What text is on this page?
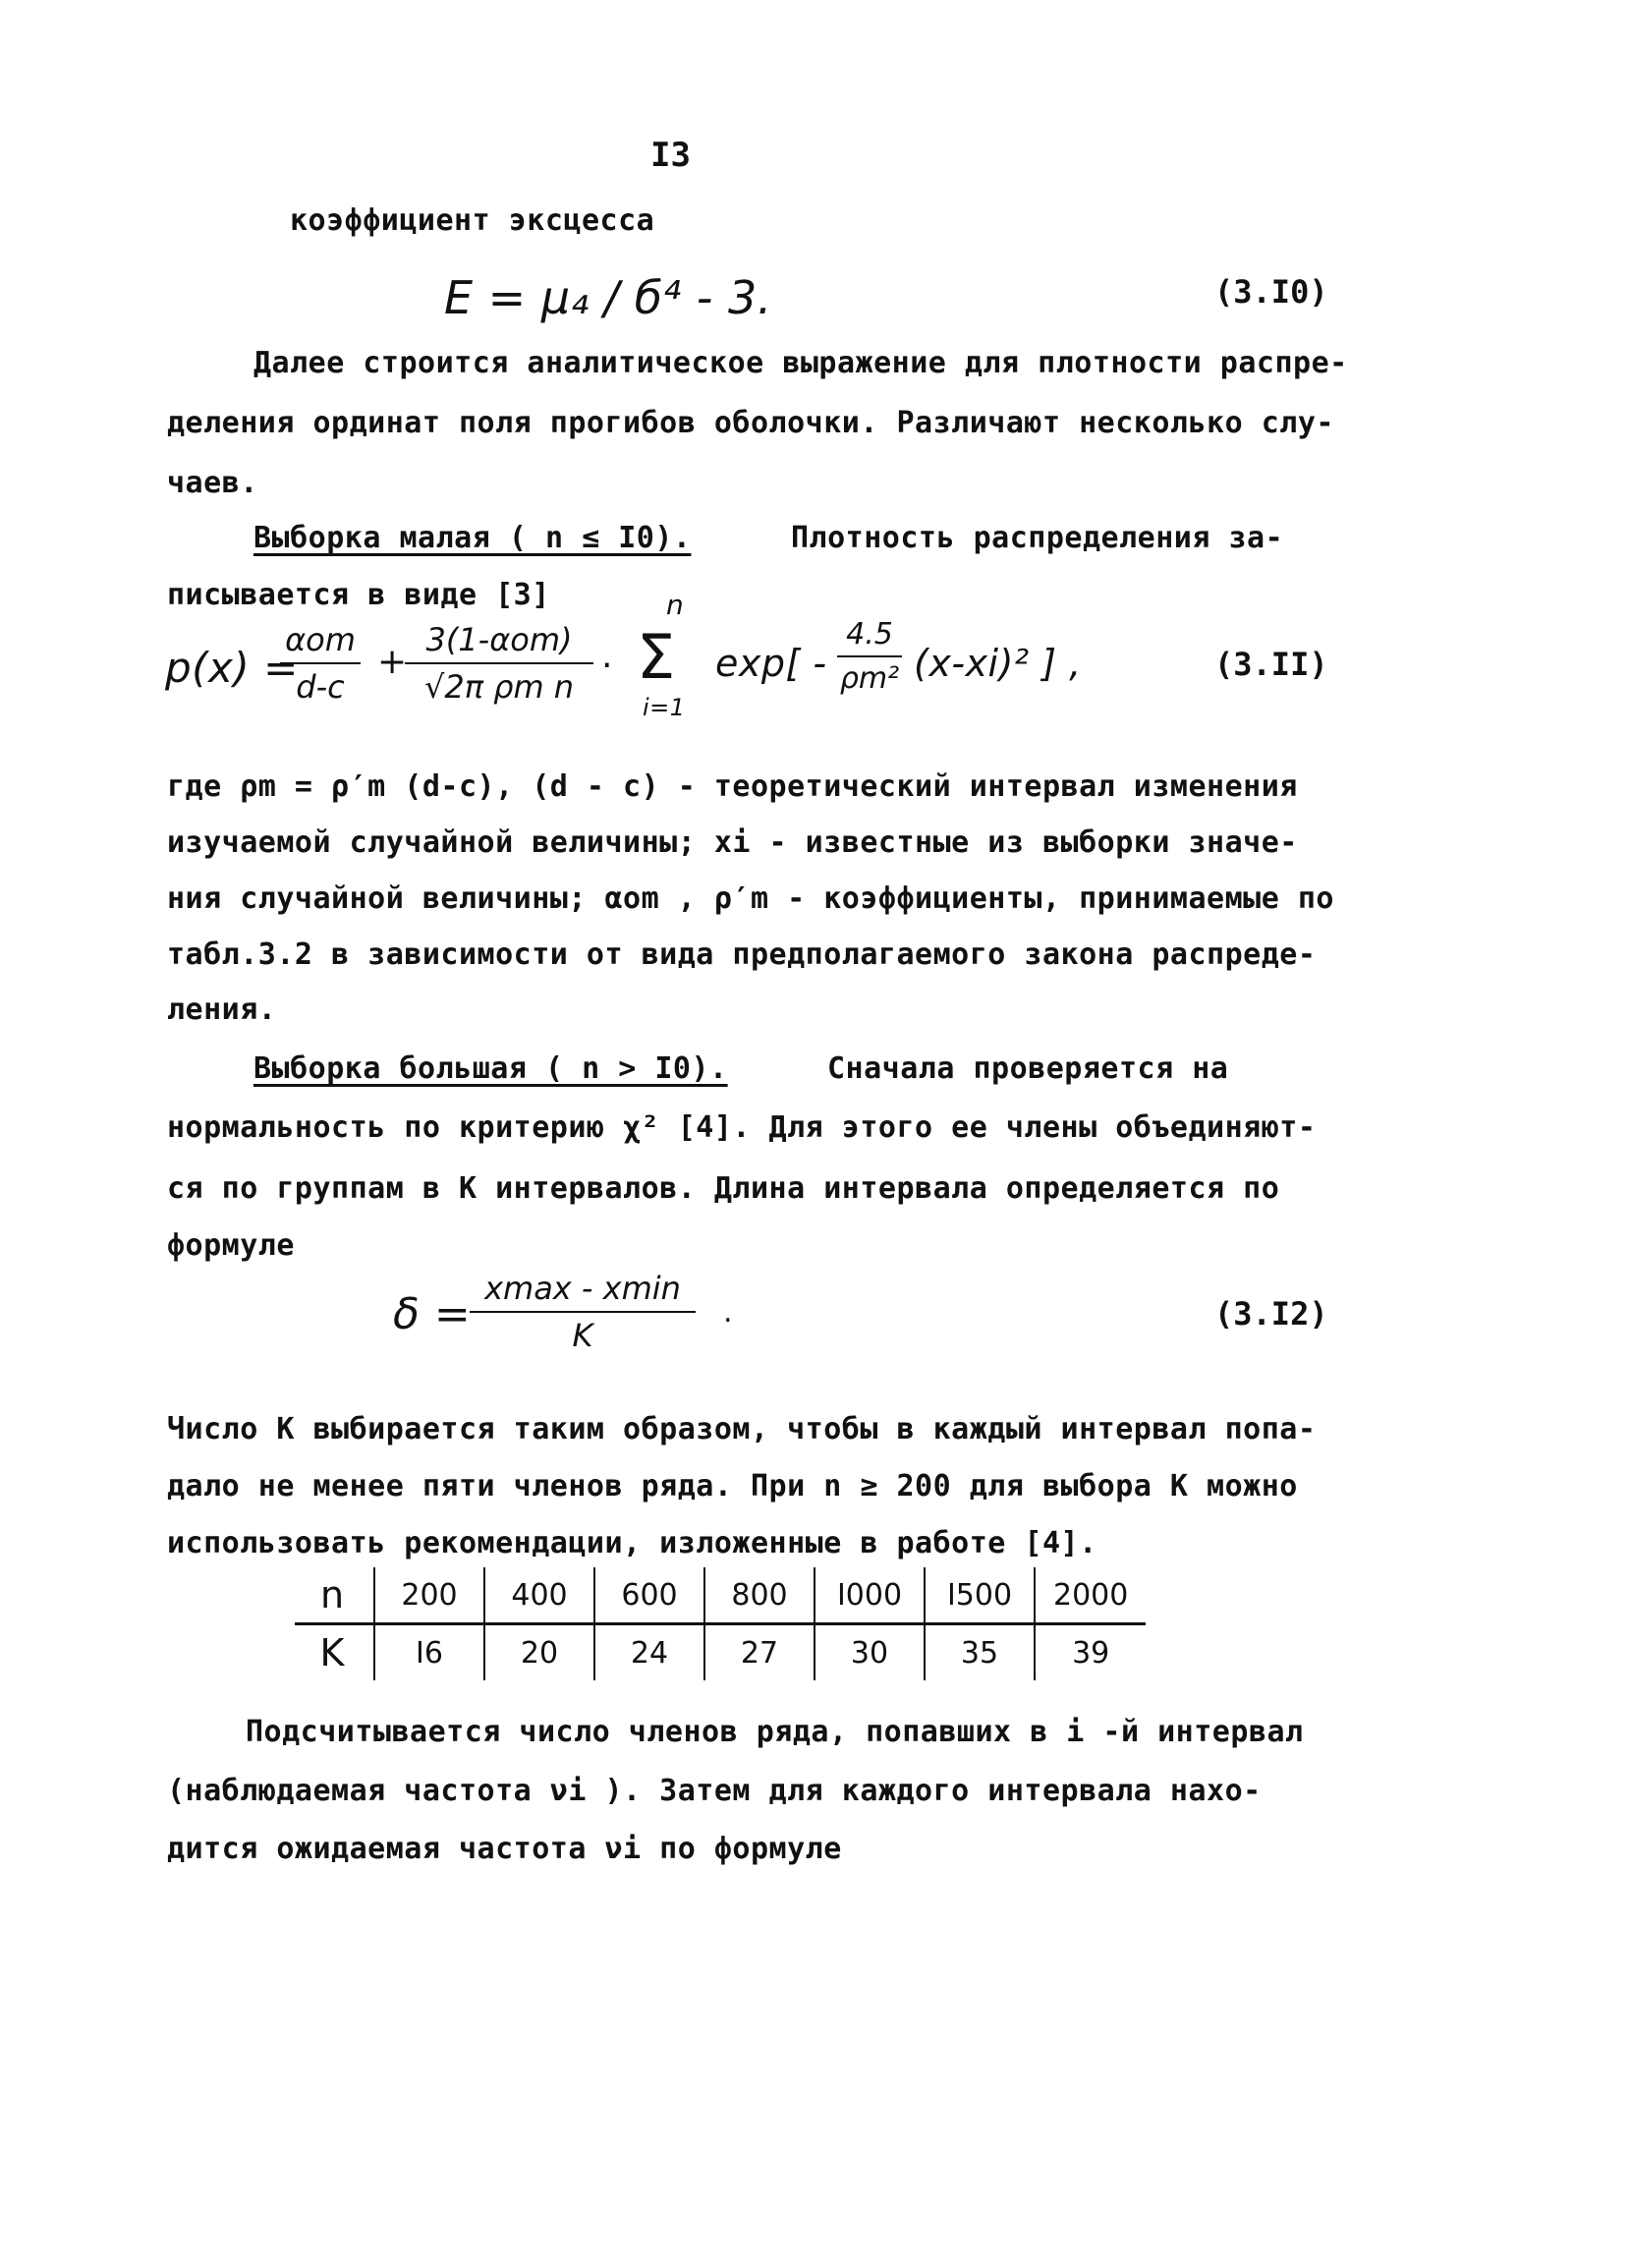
I3
коэффициент эксцесса
E = μ₄ / б⁴ - 3.	(3.I0)
Далее строится аналитическое выражение для плотности распре-
деления ординат поля прогибов оболочки. Различают несколько слу-
чаев.
Выборка малая ( n ≤ I0).	Плотность распределения за-
писывается в виде [3]
p(x) =
αom
d-c
+
3(1-αom)
√2π ρm n
·
n
Σ
i=1
exp[ -
4.5
ρm² (x-xi)² ] ,	(3.II)
где ρm = ρ′m (d-c), (d - c) - теоретический интервал изменения
изучаемой случайной величины; xi - известные из выборки значе-
ния случайной величины; αom , ρ′m - коэффициенты, принимаемые по
табл.3.2 в зависимости от вида предполагаемого закона распреде-
ления.
Выборка большая ( n > I0).	Сначала проверяется на
нормальность по критерию χ² [4]. Для этого ее члены объединяют-
ся по группам в K интервалов. Длина интервала определяется по
формуле
δ =
xmax - xmin
K
.	(3.I2)
Число K выбирается таким образом, чтобы в каждый интервал попа-
дало не менее пяти членов ряда. При n ≥ 200 для выбора K можно
использовать рекомендации, изложенные в работе [4].
n	200	400	600	800	I000	I500	2000
K	I6	20	24	27	30	35	39
Подсчитывается число членов ряда, попавших в i -й интервал
(наблюдаемая частота νi ). Затем для каждого интервала нахо-
дится ожидаемая частота νi по формуле
